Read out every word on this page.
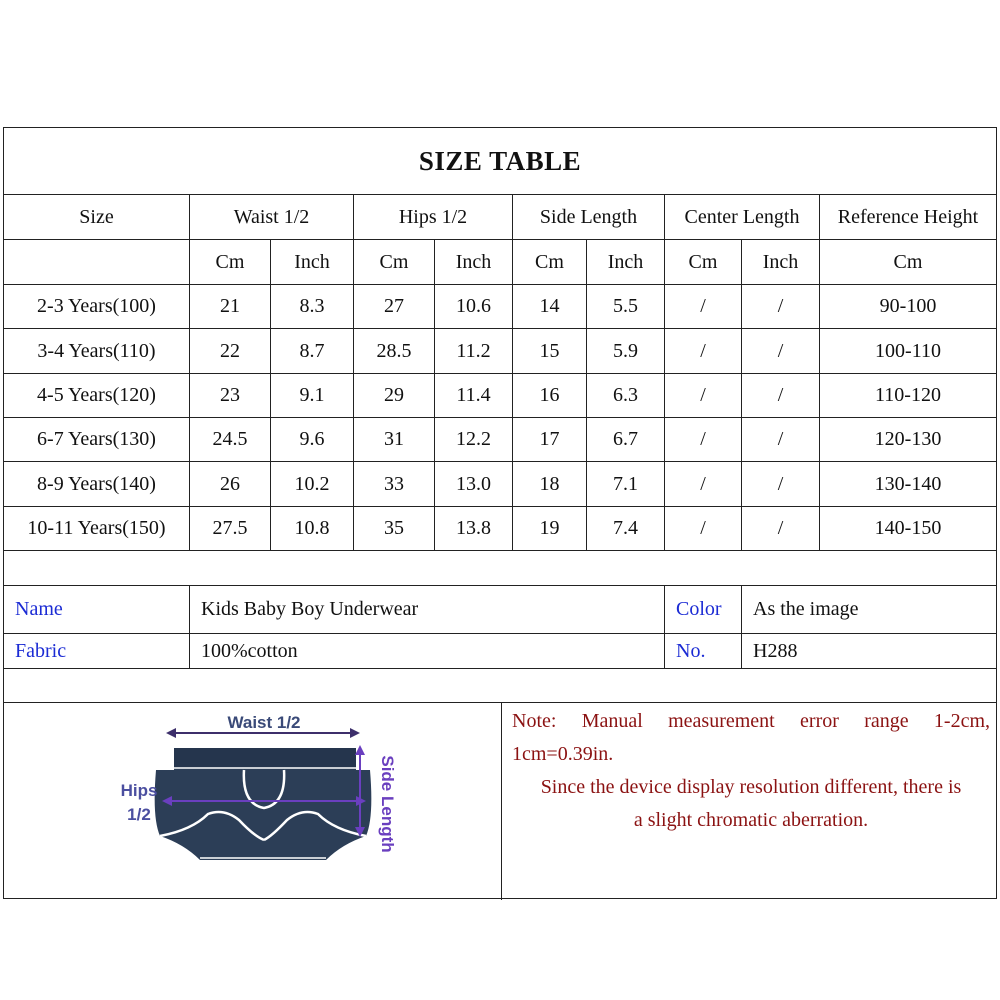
SIZE TABLE
Size	Waist 1/2	Hips 1/2	Side Length	Center Length	Reference Height
Cm	Inch	Cm	Inch	Cm	Inch	Cm	Inch	Cm
2-3 Years(100)	21	8.3	27	10.6	14	5.5	/	/	90-100
3-4 Years(110)	22	8.7	28.5	11.2	15	5.9	/	/	100-110
4-5 Years(120)	23	9.1	29	11.4	16	6.3	/	/	110-120
6-7 Years(130)	24.5	9.6	31	12.2	17	6.7	/	/	120-130
8-9 Years(140)	26	10.2	33	13.0	18	7.1	/	/	130-140
10-11 Years(150)	27.5	10.8	35	13.8	19	7.4	/	/	140-150
Name	Kids Baby Boy Underwear	Color	As the image
Fabric	100%cotton	No.	H288
Waist 1/2
Hips
1/2	Side Length
Note: Manual measurement error range 1-2cm,
1cm=0.39in.
Since the device display resolution different, there is
a slight chromatic aberration.
